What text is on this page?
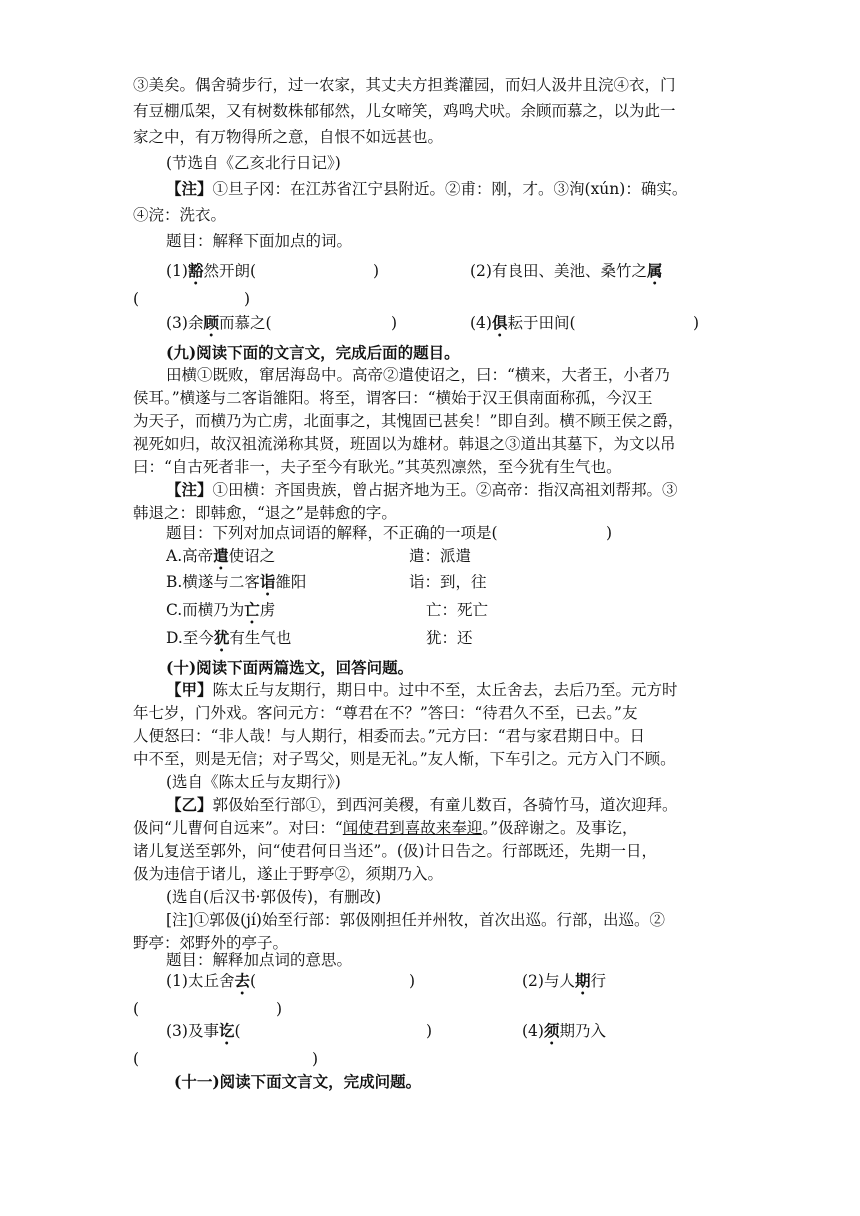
③美矣。偶舍骑步行，过一农家，其丈夫方担粪灌园，而妇人汲井且浣④衣，门
有豆棚瓜架，又有树数株郁郁然，儿女啼笑，鸡鸣犬吠。余顾而慕之，以为此一
家之中，有万物得所之意，自恨不如远甚也。
(节选自《乙亥北行日记》)
【注】①旦子冈：在江苏省江宁县附近。②甫：刚，才。③洵(xún)：确实。
④浣：洗衣。
题目：解释下面加点的词。
(1)豁然开朗(	)	(2)有良田、美池、桑竹之属
(	)
(3)余顾而慕之(	)	(4)俱耘于田间(	)
(九)阅读下面的文言文，完成后面的题目。
田横①既败，窜居海岛中。高帝②遣使诏之，曰：“横来，大者王，小者乃
侯耳。”横遂与二客诣雒阳。将至，谓客曰：“横始于汉王俱南面称孤，今汉王
为天子，而横乃为亡虏，北面事之，其愧固已甚矣！”即自刭。横不顾王侯之爵，
视死如归，故汉祖流涕称其贤，班固以为雄材。韩退之③道出其墓下，为文以吊
曰：“自古死者非一，夫子至今有耿光。”其英烈凛然，至今犹有生气也。
【注】①田横：齐国贵族，曾占据齐地为王。②高帝：指汉高祖刘帮邦。③
韩退之：即韩愈，“退之”是韩愈的字。
题目：下列对加点词语的解释，不正确的一项是(	)
A.高帝遣使诏之	遣：派遣
B.横遂与二客诣雒阳	诣：到，往
C.而横乃为亡虏	亡：死亡
D.至今犹有生气也	犹：还
(十)阅读下面两篇选文，回答问题。
【甲】陈太丘与友期行，期日中。过中不至，太丘舍去，去后乃至。元方时
年七岁，门外戏。客问元方：“尊君在不？”答曰：“待君久不至，已去。”友
人便怒曰：“非人哉！与人期行，相委而去。”元方曰：“君与家君期日中。日
中不至，则是无信；对子骂父，则是无礼。”友人惭，下车引之。元方入门不顾。
(选自《陈太丘与友期行》)
【乙】郭伋始至行部①，到西河美稷，有童儿数百，各骑竹马，道次迎拜。
伋问“儿曹何自远来”。对曰：“闻使君到喜故来奉迎。”伋辞谢之。及事讫，
诸儿复送至郭外，问“使君何日当还”。(伋)计日告之。行部既还，先期一日，
伋为违信于诸儿，遂止于野亭②，须期乃入。
(选自(后汉书·郭伋传)，有删改)
[注]①郭伋(jí)始至行部：郭伋刚担任并州牧，首次出巡。行部，出巡。②
野亭：郊野外的亭子。
题目：解释加点词的意思。
(1)太丘舍去(	)	(2)与人期行
(	)
(3)及事讫(	)	(4)须期乃入
(	)
(十一)阅读下面文言文，完成问题。
